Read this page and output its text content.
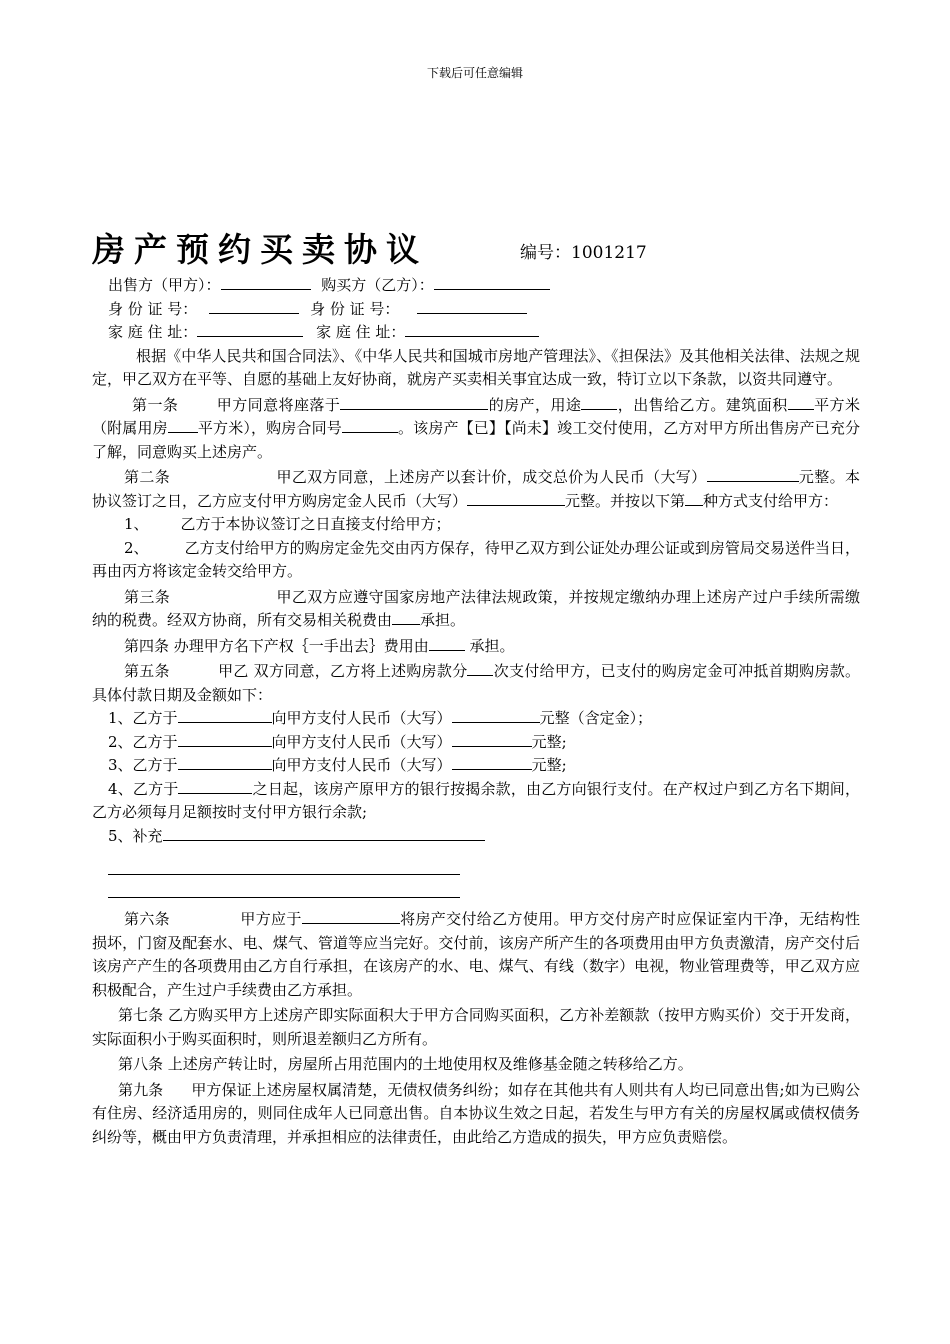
下载后可任意编辑
房产预约买卖协议	编号：1001217
出售方（甲方）：	购买方（乙方）：
身 份 证 号：	身 份 证 号：
家 庭 住 址：	家 庭 住 址：
根据《中华人民共和国合同法》、《中华人民共和国城市房地产管理法》、《担保法》及其他相关法律、法规之规定，甲乙双方在平等、自愿的基础上友好协商，就房产买卖相关事宜达成一致，特订立以下条款，以资共同遵守。
第一条	甲方同意将座落于	的房产，用途 ，出售给乙方。建筑面积 平方米（附属用房 平方米），购房合同号	。该房产【已】【尚未】竣工交付使用，乙方对甲方所出售房产已充分了解，同意购买上述房产。
第二条	甲乙双方同意，上述房产以套计价，成交总价为人民币（大写）	元整。本协议签订之日，乙方应支付甲方购房定金人民币（大写）	元整。并按以下第 种方式支付给甲方：
1、 乙方于本协议签订之日直接支付给甲方；
2、 乙方支付给甲方的购房定金先交由丙方保存，待甲乙双方到公证处办理公证或到房管局交易送件当日，再由丙方将该定金转交给甲方。
第三条	甲乙双方应遵守国家房地产法律法规政策，并按规定缴纳办理上述房产过户手续所需缴纳的税费。经双方协商，所有交易相关税费由 承担。
第四条 办理甲方名下产权｛一手出去｝费用由 承担。
第五条	甲乙 双方同意，乙方将上述购房款分 次支付给甲方，已支付的购房定金可冲抵首期购房款。具体付款日期及金额如下：
1、乙方于	向甲方支付人民币（大写）	元整（含定金）；
2、乙方于	向甲方支付人民币（大写）	元整;
3、乙方于	向甲方支付人民币（大写）	元整;
4、乙方于	之日起，该房产原甲方的银行按揭余款，由乙方向银行支付。在产权过户到乙方名下期间，乙方必须每月足额按时支付甲方银行余款;
5、补充
第六条	甲方应于	将房产交付给乙方使用。甲方交付房产时应保证室内干净，无结构性损坏，门窗及配套水、电、煤气、管道等应当完好。交付前，该房产所产生的各项费用由甲方负责激清，房产交付后该房产产生的各项费用由乙方自行承担，在该房产的水、电、煤气、有线（数字）电视，物业管理费等，甲乙双方应积极配合，产生过户手续费由乙方承担。
第七条 乙方购买甲方上述房产即实际面积大于甲方合同购买面积，乙方补差额款（按甲方购买价）交于开发商，实际面积小于购买面积时，则所退差额归乙方所有。
第八条 上述房产转让时，房屋所占用范围内的土地使用权及维修基金随之转移给乙方。
第九条 甲方保证上述房屋权属清楚，无债权债务纠纷；如存在其他共有人则共有人均已同意出售;如为已购公有住房、经济适用房的，则同住成年人已同意出售。自本协议生效之日起，若发生与甲方有关的房屋权属或债权债务纠纷等，概由甲方负责清理，并承担相应的法律责任，由此给乙方造成的损失，甲方应负责赔偿。
